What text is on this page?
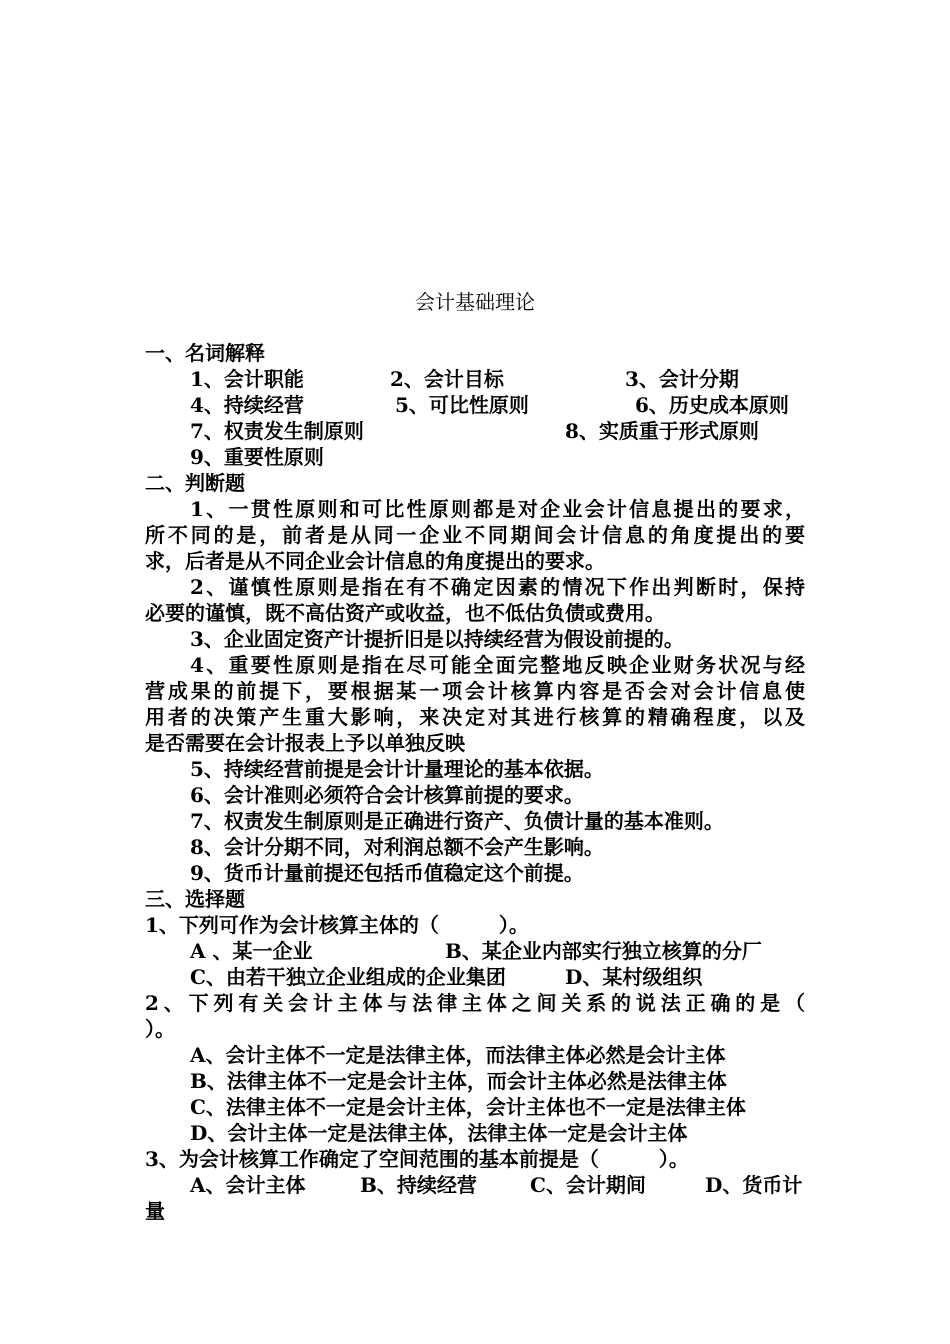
会计基础理论
一、名词解释
1、会计职能	2、会计目标	3、会计分期
4、持续经营	5、可比性原则	6、历史成本原则
7、权责发生制原则	8、实质重于形式原则
9、重要性原则
二、判断题
1、一贯性原则和可比性原则都是对企业会计信息提出的要求，
所不同的是，前者是从同一企业不同期间会计信息的角度提出的要
求，后者是从不同企业会计信息的角度提出的要求。
2、谨慎性原则是指在有不确定因素的情况下作出判断时，保持
必要的谨慎，既不高估资产或收益，也不低估负债或费用。
3、企业固定资产计提折旧是以持续经营为假设前提的。
4、重要性原则是指在尽可能全面完整地反映企业财务状况与经
营成果的前提下，要根据某一项会计核算内容是否会对会计信息使
用者的决策产生重大影响，来决定对其进行核算的精确程度，以及
是否需要在会计报表上予以单独反映
5、持续经营前提是会计计量理论的基本依据。
6、会计准则必须符合会计核算前提的要求。
7、权责发生制原则是正确进行资产、负债计量的基本准则。
8、会计分期不同，对利润总额不会产生影响。
9、货币计量前提还包括币值稳定这个前提。
三、选择题
1、下列可作为会计核算主体的（　　　）。
A 、某一企业	B、某企业内部实行独立核算的分厂
C、由若干独立企业组成的企业集团	D、某村级组织
2、下列有关会计主体与法律主体之间关系的说法正确的是（
）。
A、会计主体不一定是法律主体，而法律主体必然是会计主体
B、法律主体不一定是会计主体，而会计主体必然是法律主体
C、法律主体不一定是会计主体，会计主体也不一定是法律主体
D、会计主体一定是法律主体，法律主体一定是会计主体
3、为会计核算工作确定了空间范围的基本前提是（　　　）。
A、会计主体	B、持续经营	C、会计期间	D、货币计
量
